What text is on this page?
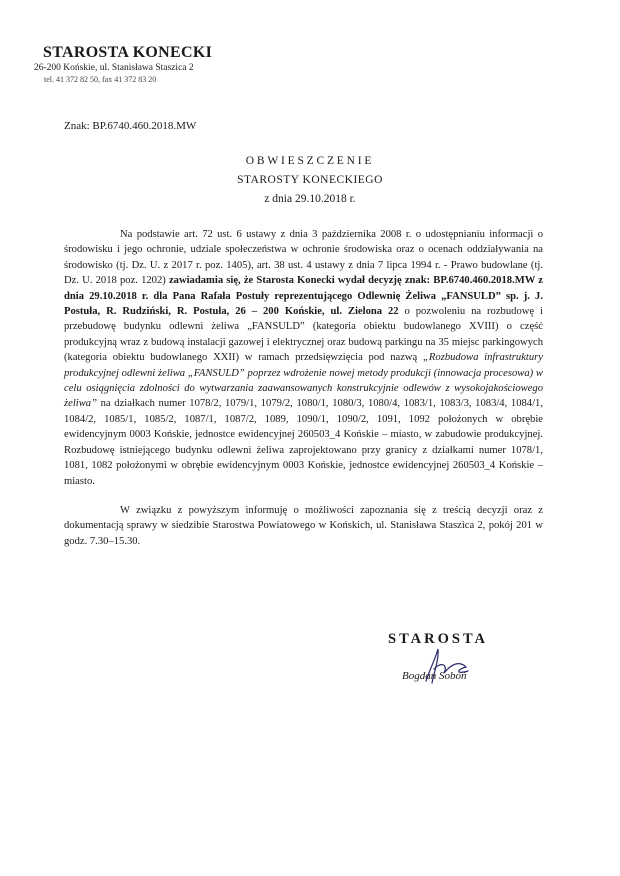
STAROSTA KONECKI
26-200 Końskie, ul. Stanisława Staszica 2
tel. 41 372 82 50, fax 41 372 83 20
Znak: BP.6740.460.2018.MW
OBWIESZCZENIE
STAROSTY KONECKIEGO
z dnia 29.10.2018 r.

Na podstawie art. 72 ust. 6 ustawy z dnia 3 października 2008 r. o udostępnianiu informacji o środowisku i jego ochronie, udziale społeczeństwa w ochronie środowiska oraz o ocenach oddziaływania na środowisko (tj. Dz. U. z 2017 r. poz. 1405), art. 38 ust. 4 ustawy z dnia 7 lipca 1994 r. - Prawo budowlane (tj. Dz. U. 2018 poz. 1202) zawiadamia się, że Starosta Konecki wydał decyzję znak: BP.6740.460.2018.MW z dnia 29.10.2018 r. dla Pana Rafała Postuły reprezentującego Odlewnię Żeliwa „FANSULD” sp. j. J. Postuła, R. Rudziński, R. Postuła, 26 – 200 Końskie, ul. Zielona 22 o pozwoleniu na rozbudowę i przebudowę budynku odlewni żeliwa „FANSULD” (kategoria obiektu budowlanego XVIII) o część produkcyjną wraz z budową instalacji gazowej i elektrycznej oraz budową parkingu na 35 miejsc parkingowych (kategoria obiektu budowlanego XXII) w ramach przedsięwzięcia pod nazwą „Rozbudowa infrastruktury produkcyjnej odlewni żeliwa „FANSULD” poprzez wdrożenie nowej metody produkcji (innowacja procesowa) w celu osiągnięcia zdolności do wytwarzania zaawansowanych konstrukcyjnie odlewów z wysokojakościowego żeliwa” na działkach numer 1078/2, 1079/1, 1079/2, 1080/1, 1080/3, 1080/4, 1083/1, 1083/3, 1083/4, 1084/1, 1084/2, 1085/1, 1085/2, 1087/1, 1087/2, 1089, 1090/1, 1090/2, 1091, 1092 położonych w obrębie ewidencyjnym 0003 Końskie, jednostce ewidencyjnej 260503_4 Końskie – miasto, w zabudowie produkcyjnej. Rozbudowę istniejącego budynku odlewni żeliwa zaprojektowano przy granicy z działkami numer 1078/1, 1081, 1082 położonymi w obrębie ewidencyjnym 0003 Końskie, jednostce ewidencyjnej 260503_4 Końskie – miasto.

W związku z powyższym informuję o możliwości zapoznania się z treścią decyzji oraz z dokumentacją sprawy w siedzibie Starostwa Powiatowego w Końskich, ul. Stanisława Staszica 2, pokój 201 w godz. 7.30–15.30.

STAROSTA
Bogdan Soboń
